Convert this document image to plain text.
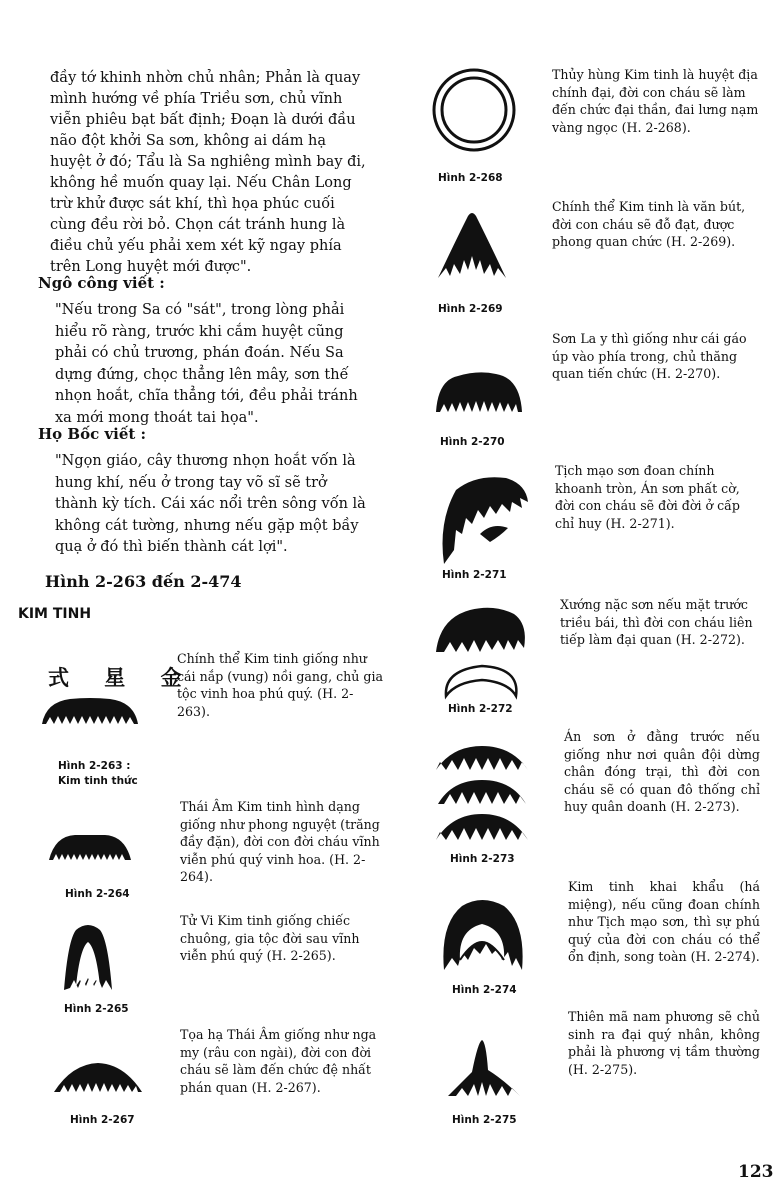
đầy tớ khinh nhờn chủ nhân; Phản là quay mình hướng về phía Triều sơn, chủ vĩnh viễn phiêu bạt bất định; Đoạn là dưới đầu não đột khởi Sa sơn, không ai dám hạ huyệt ở đó; Tẩu là Sa nghiêng mình bay đi, không hề muốn quay lại. Nếu Chân Long trừ khử được sát khí, thì họa phúc cuối cùng đều rời bỏ. Chọn cát tránh hung là điều chủ yếu phải xem xét kỹ ngay phía trên Long huyệt mới được".

Ngô công viết :

"Nếu trong Sa có "sát", trong lòng phải hiểu rõ ràng, trước khi cắm huyệt cũng phải có chủ trương, phán đoán. Nếu Sa dựng đứng, chọc thẳng lên mây, sơn thế nhọn hoắt, chĩa thẳng tới, đều phải tránh xa mới mong thoát tai họa".

Họ Bốc viết :

"Ngọn giáo, cây thương nhọn hoắt vốn là hung khí, nếu ở trong tay võ sĩ sẽ trở thành kỳ tích. Cái xác nổi trên sông vốn là không cát tường, nhưng nếu gặp một bầy quạ ở đó thì biến thành cát lợi".

Hình 2-263 đến 2-474

KIM TINH

式 星 金
Hình 2-263 :
Kim tinh thức

Chính thể Kim tinh giống như cái nắp (vung) nồi gang, chủ gia tộc vinh hoa phú quý. (H. 2-263).

Hình 2-264

Thái Âm Kim tinh hình dạng giống như phong nguyệt (trăng đầy đặn), đời con đời cháu vĩnh viễn phú quý vinh hoa. (H. 2-264).

Hình 2-265

Tử Vi Kim tinh giống chiếc chuông, gia tộc đời sau vĩnh viễn phú quý (H. 2-265).

Hình 2-267

Tọa hạ Thái Âm giống như nga my (râu con ngài), đời con đời cháu sẽ làm đến chức đệ nhất phán quan (H. 2-267).

Hình 2-268

Thủy hùng Kim tinh là huyệt địa chính đại, đời con cháu sẽ làm đến chức đại thần, đai lưng nạm vàng ngọc (H. 2-268).

Hình 2-269

Chính thể Kim tinh là văn bút, đời con cháu sẽ đỗ đạt, được phong quan chức (H. 2-269).

Hình 2-270

Sơn La y thì giống như cái gáo úp vào phía trong, chủ thăng quan tiến chức (H. 2-270).

Hình 2-271

Tịch mạo sơn đoan chính khoanh tròn, Án sơn phất cờ, đời con cháu sẽ đời đời ở cấp chỉ huy (H. 2-271).

Hình 2-272

Xướng nặc sơn nếu mặt trước triều bái, thì đời con cháu liên tiếp làm đại quan (H. 2-272).

Hình 2-273

Án sơn ở đằng trước nếu giống như nơi quân đội dừng chân đóng trại, thì đời con cháu sẽ có quan đô thống chỉ huy quân doanh (H. 2-273).

Hình 2-274

Kim tinh khai khẩu (há miệng), nếu cũng đoan chính như Tịch mạo sơn, thì sự phú quý của đời con cháu có thể ổn định, song toàn (H. 2-274).

Hình 2-275

Thiên mã nam phương sẽ chủ sinh ra đại quý nhân, không phải là phương vị tầm thường (H. 2-275).

123
